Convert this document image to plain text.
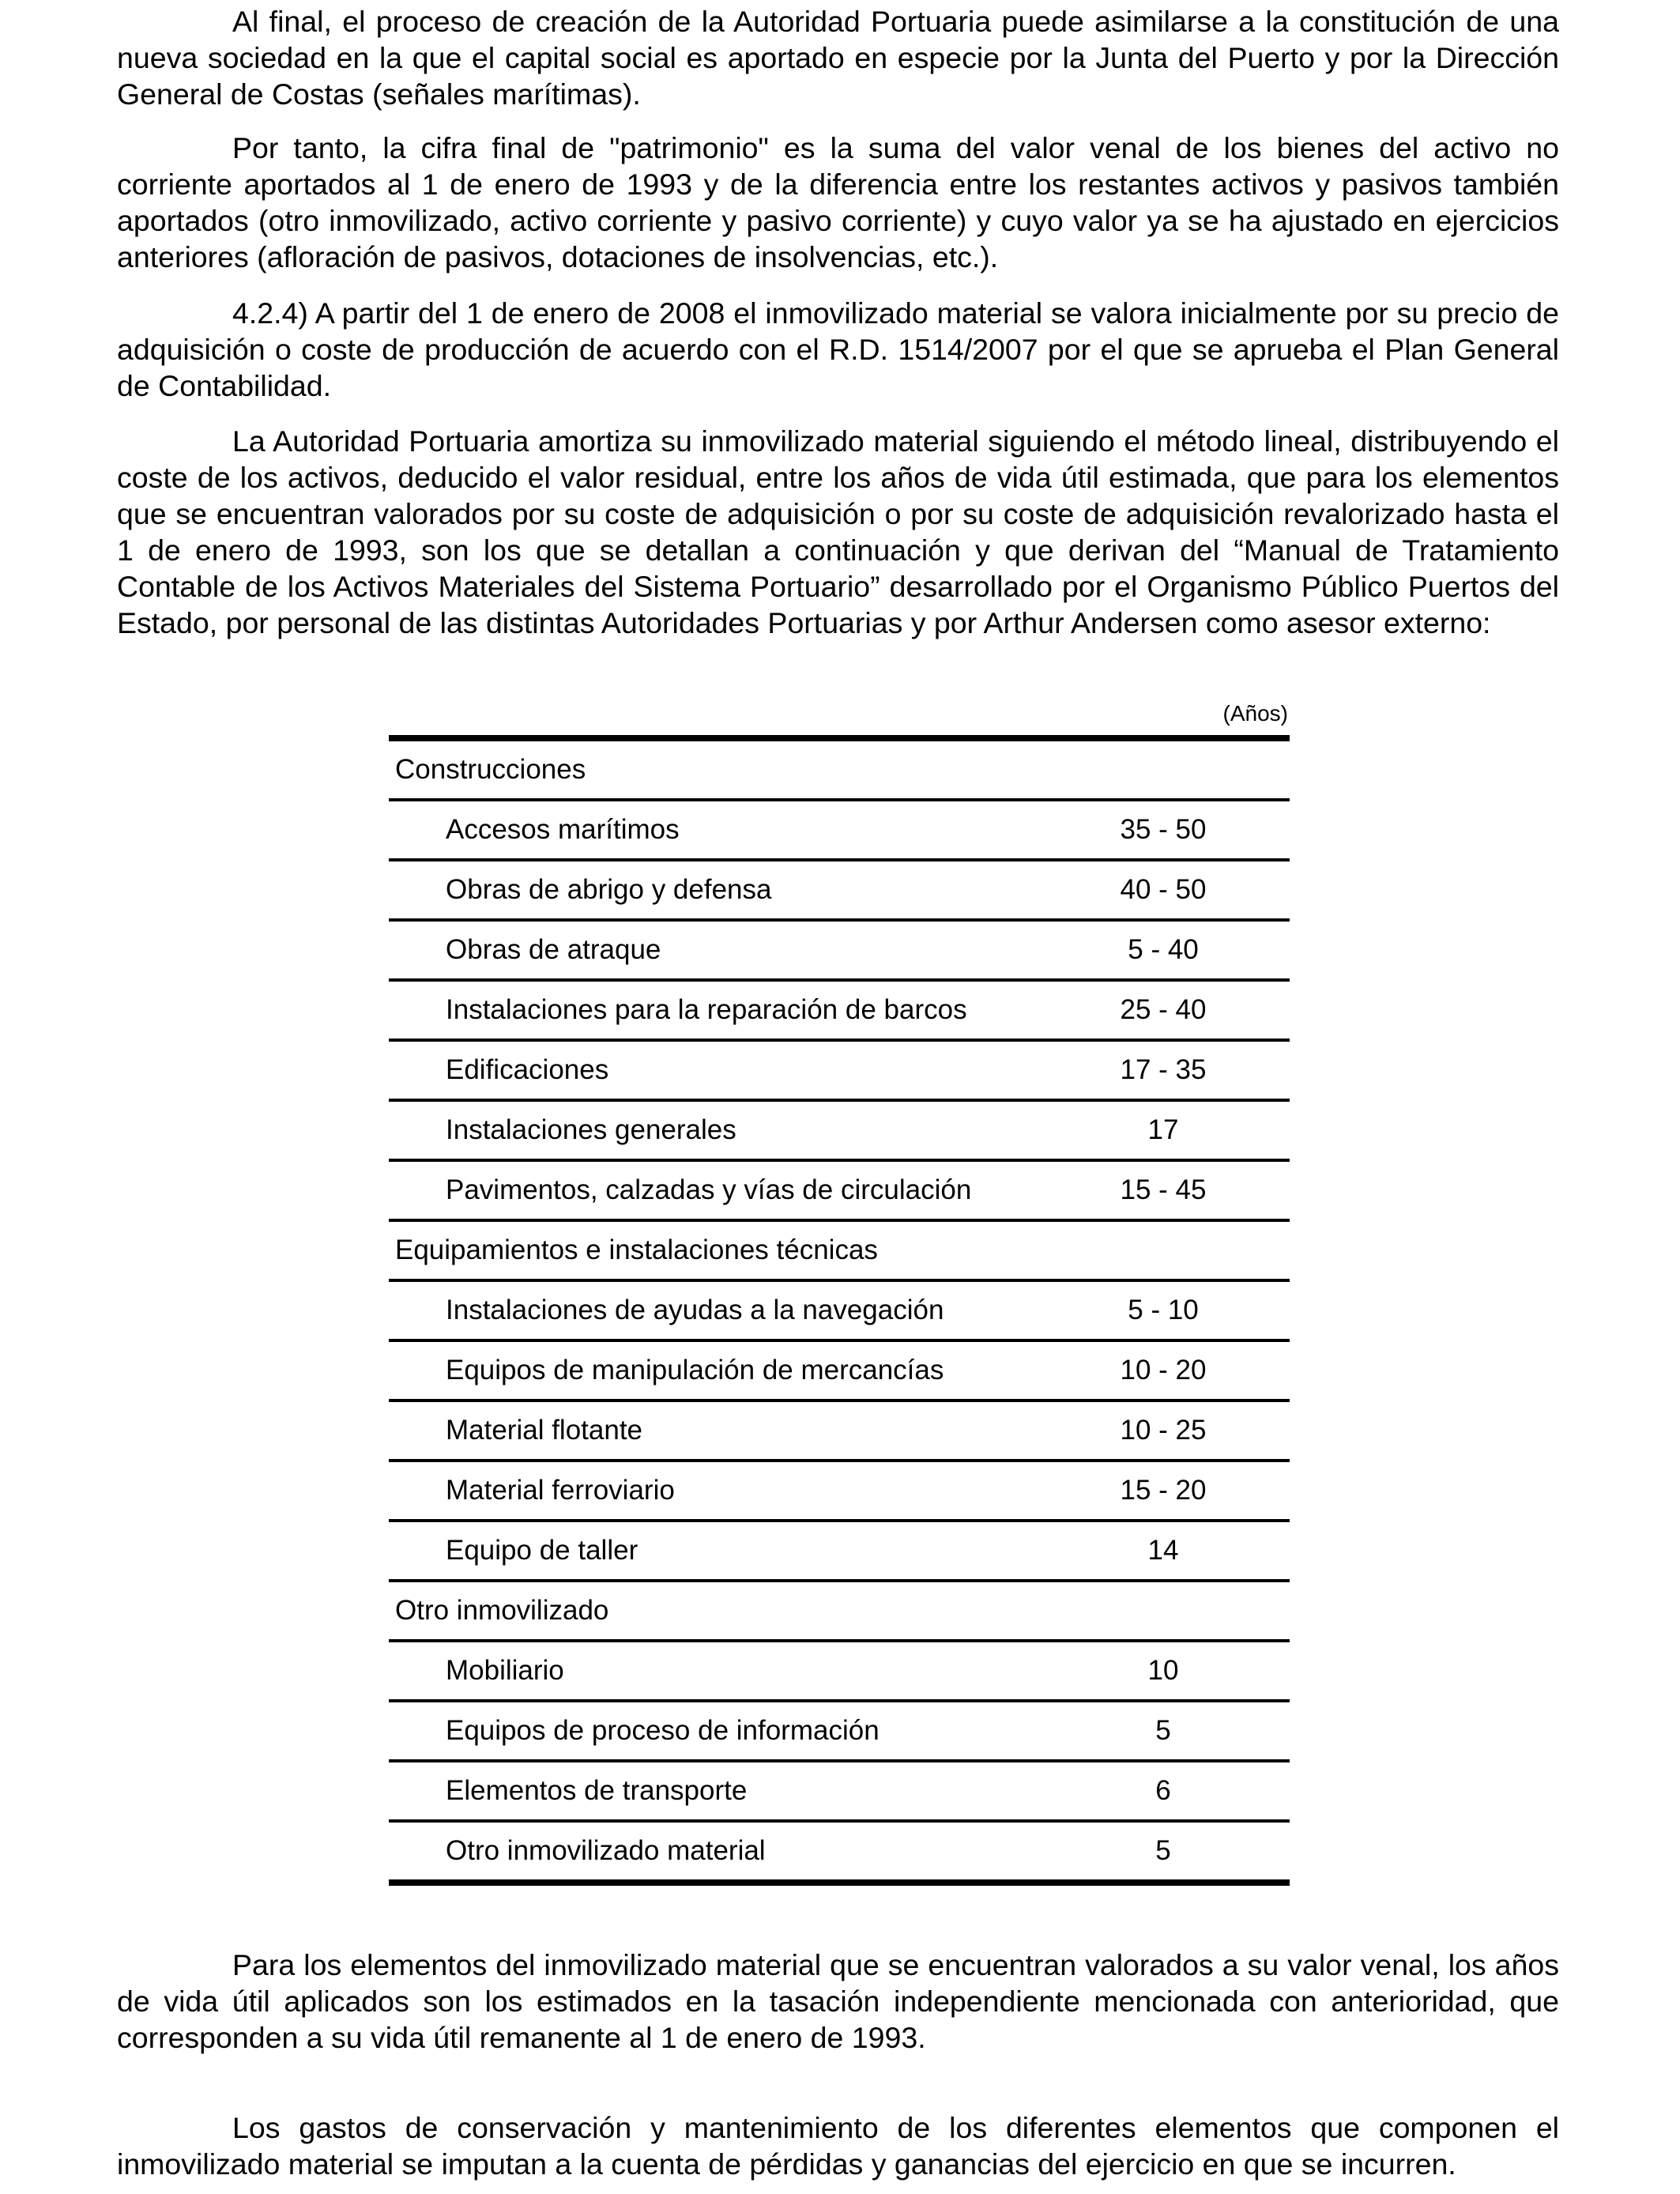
Al final, el proceso de creación de la Autoridad Portuaria puede asimilarse a la constitución de una nueva sociedad en la que el capital social es aportado en especie por la Junta del Puerto y por la Dirección General de Costas (señales marítimas).

Por tanto, la cifra final de "patrimonio" es la suma del valor venal de los bienes del activo no corriente aportados al 1 de enero de 1993 y de la diferencia entre los restantes activos y pasivos también aportados (otro inmovilizado, activo corriente y pasivo corriente) y cuyo valor ya se ha ajustado en ejercicios anteriores (afloración de pasivos, dotaciones de insolvencias, etc.).

4.2.4) A partir del 1 de enero de 2008 el inmovilizado material se valora inicialmente por su precio de adquisición o coste de producción de acuerdo con el R.D. 1514/2007 por el que se aprueba el Plan General de Contabilidad.

La Autoridad Portuaria amortiza su inmovilizado material siguiendo el método lineal, distribuyendo el coste de los activos, deducido el valor residual, entre los años de vida útil estimada, que para los elementos que se encuentran valorados por su coste de adquisición o por su coste de adquisición revalorizado hasta el 1 de enero de 1993, son los que se detallan a continuación y que derivan del “Manual de Tratamiento Contable de los Activos Materiales del Sistema Portuario” desarrollado por el Organismo Público Puertos del Estado, por personal de las distintas Autoridades Portuarias y por Arthur Andersen como asesor externo:

(Años)
Construcciones
Accesos marítimos	35 - 50
Obras de abrigo y defensa	40 - 50
Obras de atraque	5 - 40
Instalaciones para la reparación de barcos	25 - 40
Edificaciones	17 - 35
Instalaciones generales	17
Pavimentos, calzadas y vías de circulación	15 - 45
Equipamientos e instalaciones técnicas
Instalaciones de ayudas a la navegación	5 - 10
Equipos de manipulación de mercancías	10 - 20
Material flotante	10 - 25
Material ferroviario	15 - 20
Equipo de taller	14
Otro inmovilizado
Mobiliario	10
Equipos de proceso de información	5
Elementos de transporte	6
Otro inmovilizado material	5

Para los elementos del inmovilizado material que se encuentran valorados a su valor venal, los años de vida útil aplicados son los estimados en la tasación independiente mencionada con anterioridad, que corresponden a su vida útil remanente al 1 de enero de 1993.

Los gastos de conservación y mantenimiento de los diferentes elementos que componen el inmovilizado material se imputan a la cuenta de pérdidas y ganancias del ejercicio en que se incurren.
